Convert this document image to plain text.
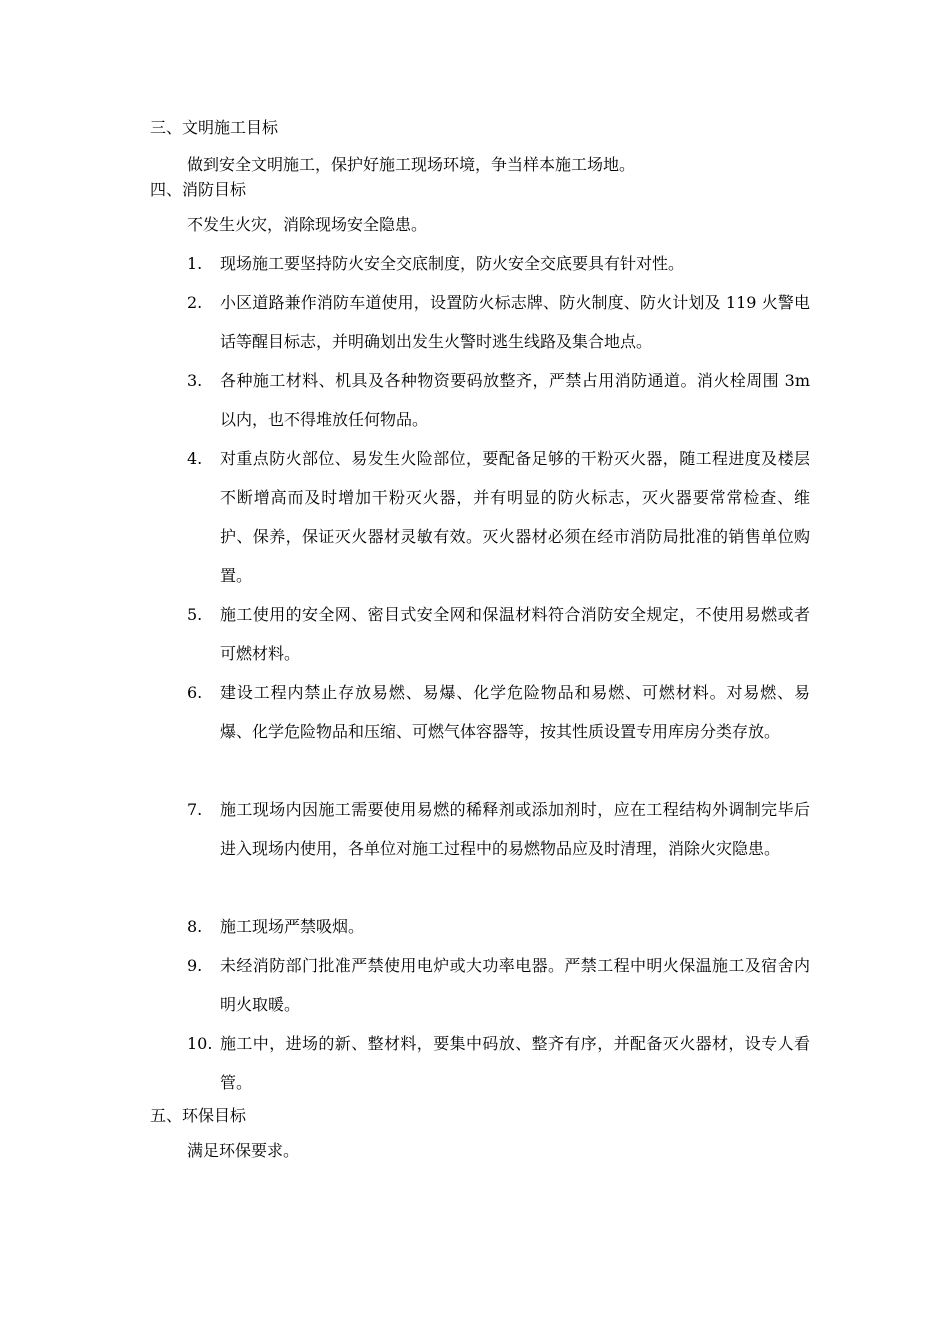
三、文明施工目标
做到安全文明施工，保护好施工现场环境，争当样本施工场地。
四、消防目标
不发生火灾，消除现场安全隐患。
1. 现场施工要坚持防火安全交底制度，防火安全交底要具有针对性。
2. 小区道路兼作消防车道使用，设置防火标志牌、防火制度、防火计划及 119 火警电话等醒目标志，并明确划出发生火警时逃生线路及集合地点。
3. 各种施工材料、机具及各种物资要码放整齐，严禁占用消防通道。消火栓周围 3m 以内，也不得堆放任何物品。
4. 对重点防火部位、易发生火险部位，要配备足够的干粉灭火器，随工程进度及楼层不断增高而及时增加干粉灭火器，并有明显的防火标志，灭火器要常常检查、维护、保养，保证灭火器材灵敏有效。灭火器材必须在经市消防局批准的销售单位购置。
5. 施工使用的安全网、密目式安全网和保温材料符合消防安全规定，不使用易燃或者可燃材料。
6. 建设工程内禁止存放易燃、易爆、化学危险物品和易燃、可燃材料。对易燃、易爆、化学危险物品和压缩、可燃气体容器等，按其性质设置专用库房分类存放。
7. 施工现场内因施工需要使用易燃的稀释剂或添加剂时，应在工程结构外调制完毕后进入现场内使用，各单位对施工过程中的易燃物品应及时清理，消除火灾隐患。
8. 施工现场严禁吸烟。
9. 未经消防部门批准严禁使用电炉或大功率电器。严禁工程中明火保温施工及宿舍内明火取暖。
10. 施工中，进场的新、整材料，要集中码放、整齐有序，并配备灭火器材，设专人看管。
五、环保目标
满足环保要求。
